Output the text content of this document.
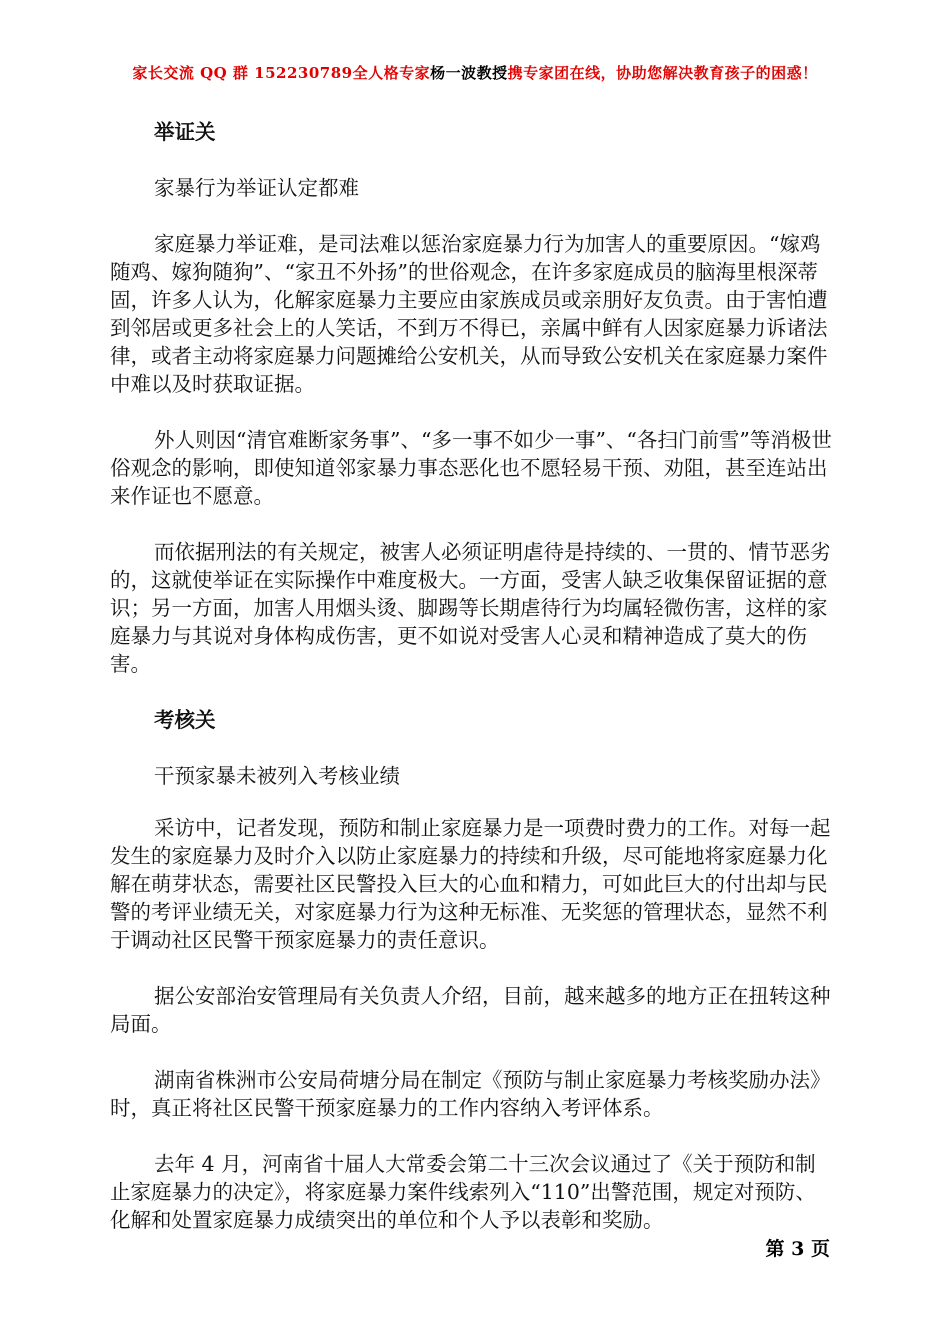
家长交流 QQ 群 152230789全人格专家杨一波教授携专家团在线，协助您解决教育孩子的困惑！

举证关

家暴行为举证认定都难

家庭暴力举证难，是司法难以惩治家庭暴力行为加害人的重要原因。“嫁鸡随鸡、嫁狗随狗”、“家丑不外扬”的世俗观念，在许多家庭成员的脑海里根深蒂固，许多人认为，化解家庭暴力主要应由家族成员或亲朋好友负责。由于害怕遭到邻居或更多社会上的人笑话，不到万不得已，亲属中鲜有人因家庭暴力诉诸法律，或者主动将家庭暴力问题摊给公安机关，从而导致公安机关在家庭暴力案件中难以及时获取证据。

外人则因“清官难断家务事”、“多一事不如少一事”、“各扫门前雪”等消极世俗观念的影响，即使知道邻家暴力事态恶化也不愿轻易干预、劝阻，甚至连站出来作证也不愿意。

而依据刑法的有关规定，被害人必须证明虐待是持续的、一贯的、情节恶劣的，这就使举证在实际操作中难度极大。一方面，受害人缺乏收集保留证据的意识；另一方面，加害人用烟头烫、脚踢等长期虐待行为均属轻微伤害，这样的家庭暴力与其说对身体构成伤害，更不如说对受害人心灵和精神造成了莫大的伤害。

考核关

干预家暴未被列入考核业绩

采访中，记者发现，预防和制止家庭暴力是一项费时费力的工作。对每一起发生的家庭暴力及时介入以防止家庭暴力的持续和升级，尽可能地将家庭暴力化解在萌芽状态，需要社区民警投入巨大的心血和精力，可如此巨大的付出却与民警的考评业绩无关，对家庭暴力行为这种无标准、无奖惩的管理状态，显然不利于调动社区民警干预家庭暴力的责任意识。

据公安部治安管理局有关负责人介绍，目前，越来越多的地方正在扭转这种局面。

湖南省株洲市公安局荷塘分局在制定《预防与制止家庭暴力考核奖励办法》时，真正将社区民警干预家庭暴力的工作内容纳入考评体系。

去年 4 月，河南省十届人大常委会第二十三次会议通过了《关于预防和制止家庭暴力的决定》，将家庭暴力案件线索列入“110”出警范围，规定对预防、化解和处置家庭暴力成绩突出的单位和个人予以表彰和奖励。

第 3 页
